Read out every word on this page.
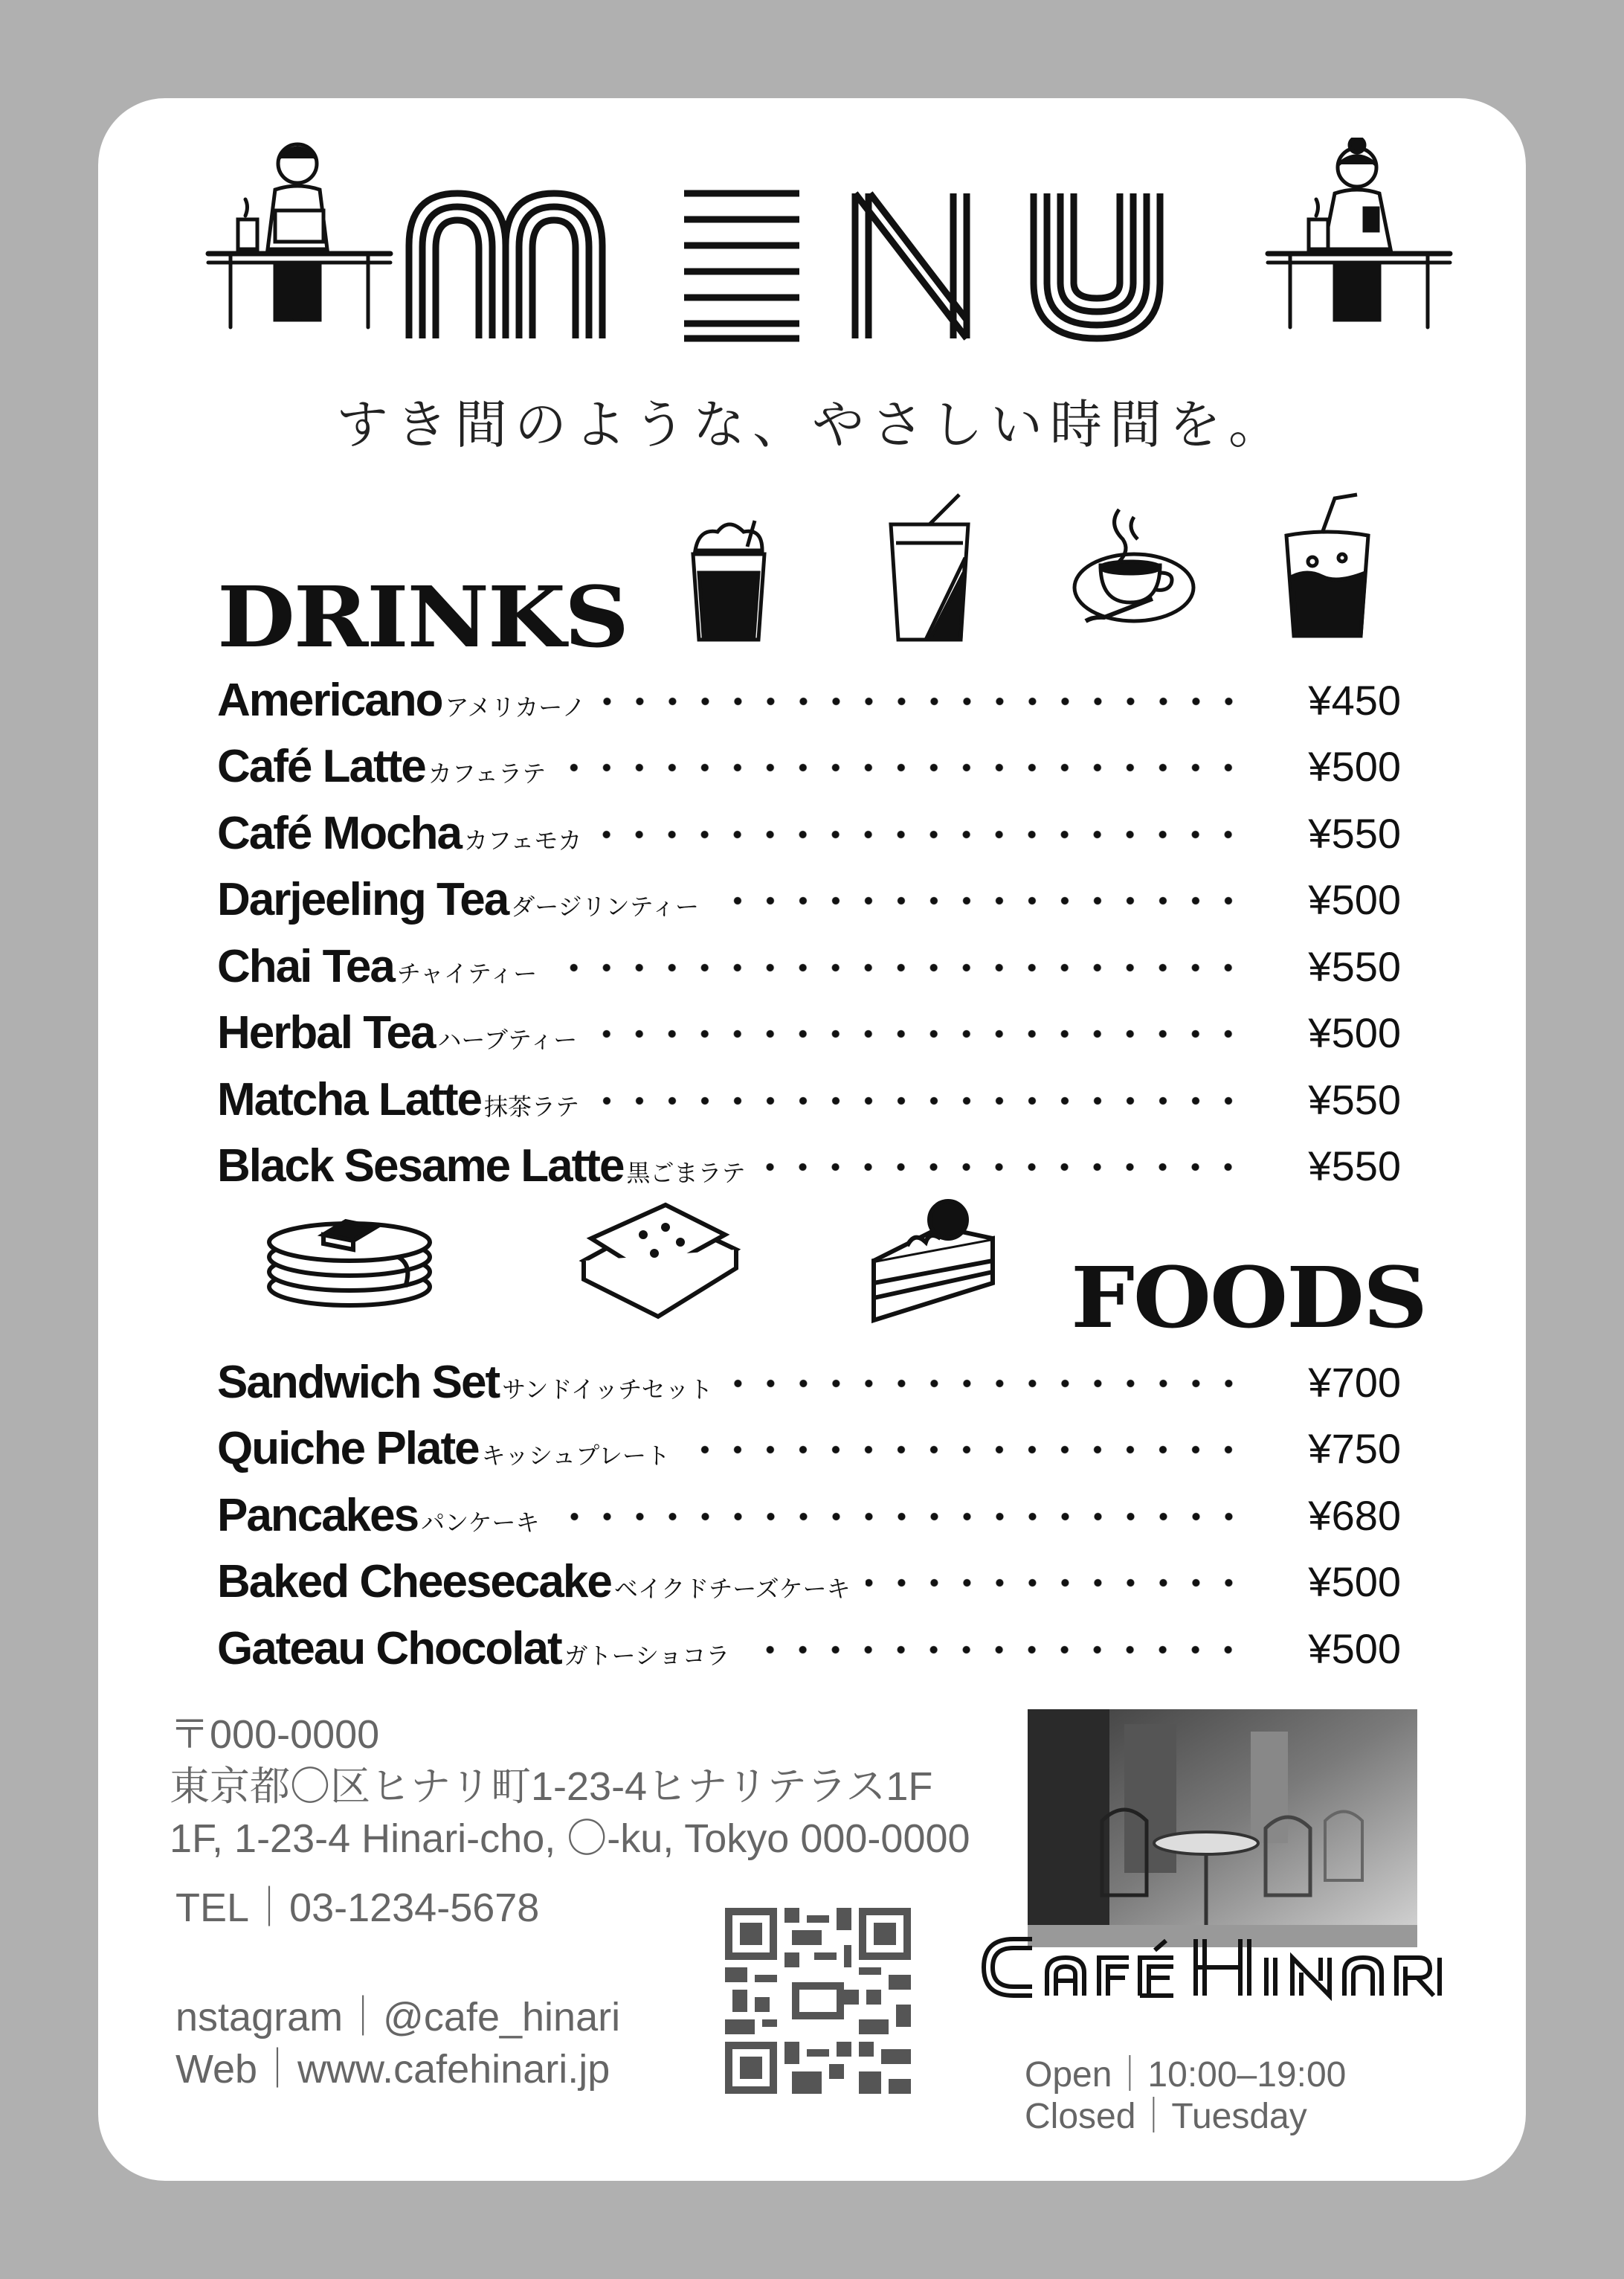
すき間のような、やさしい時間を。
DRINKS
Americano アメリカーノ	¥450
Café Latte カフェラテ	¥500
Café Mocha カフェモカ	¥550
Darjeeling Tea ダージリンティー	¥500
Chai Tea チャイティー	¥550
Herbal Tea ハーブティー	¥500
Matcha Latte 抹茶ラテ	¥550
Black Sesame Latte 黒ごまラテ	¥550
FOODS
Sandwich Set サンドイッチセット	¥700
Quiche Plate キッシュプレート	¥750
Pancakes パンケーキ	¥680
Baked Cheesecake ベイクドチーズケーキ	¥500
Gateau Chocolat ガトーショコラ	¥500
〒000-0000
東京都〇区ヒナリ町1-23-4ヒナリテラス1F
1F, 1-23-4 Hinari-cho, 〇-ku, Tokyo 000-0000
TEL｜03-1234-5678
nstagram｜@cafe_hinari
Web｜www.cafehinari.jp	Open｜10:00–19:00
Closed｜Tuesday
